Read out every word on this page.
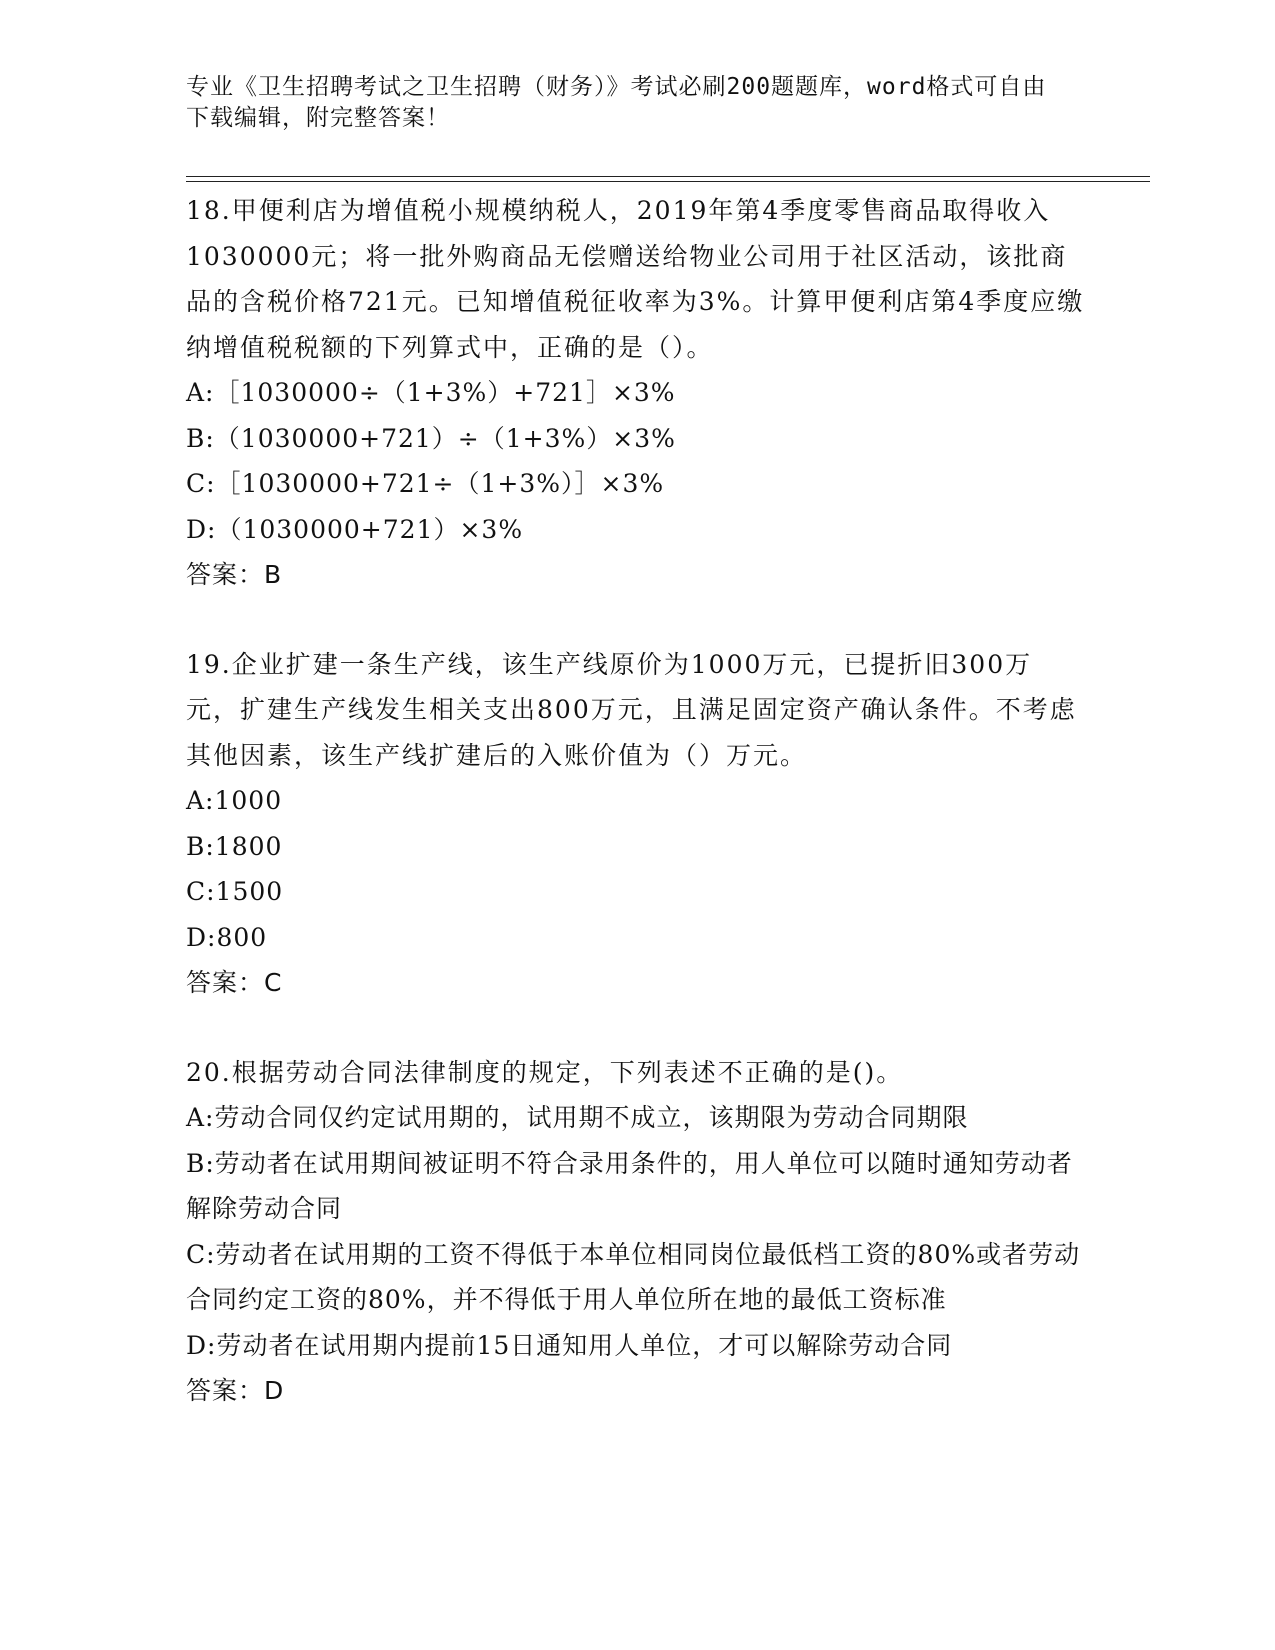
专业《卫生招聘考试之卫生招聘（财务）》考试必刷200题题库，word格式可自由下载编辑，附完整答案！

18.甲便利店为增值税小规模纳税人，2019年第4季度零售商品取得收入1030000元；将一批外购商品无偿赠送给物业公司用于社区活动，该批商品的含税价格721元。已知增值税征收率为3%。计算甲便利店第4季度应缴纳增值税税额的下列算式中，正确的是（）。

A:［1030000÷（1+3%）+721］×3%

B:（1030000+721）÷（1+3%）×3%

C:［1030000+721÷（1+3%）］×3%

D:（1030000+721）×3%

答案：B

19.企业扩建一条生产线，该生产线原价为1000万元，已提折旧300万元，扩建生产线发生相关支出800万元，且满足固定资产确认条件。不考虑其他因素，该生产线扩建后的入账价值为（）万元。

A:1000

B:1800

C:1500

D:800

答案：C

20.根据劳动合同法律制度的规定，下列表述不正确的是()。

A:劳动合同仅约定试用期的，试用期不成立，该期限为劳动合同期限

B:劳动者在试用期间被证明不符合录用条件的，用人单位可以随时通知劳动者解除劳动合同

C:劳动者在试用期的工资不得低于本单位相同岗位最低档工资的80%或者劳动合同约定工资的80%，并不得低于用人单位所在地的最低工资标准

D:劳动者在试用期内提前15日通知用人单位，才可以解除劳动合同

答案：D
